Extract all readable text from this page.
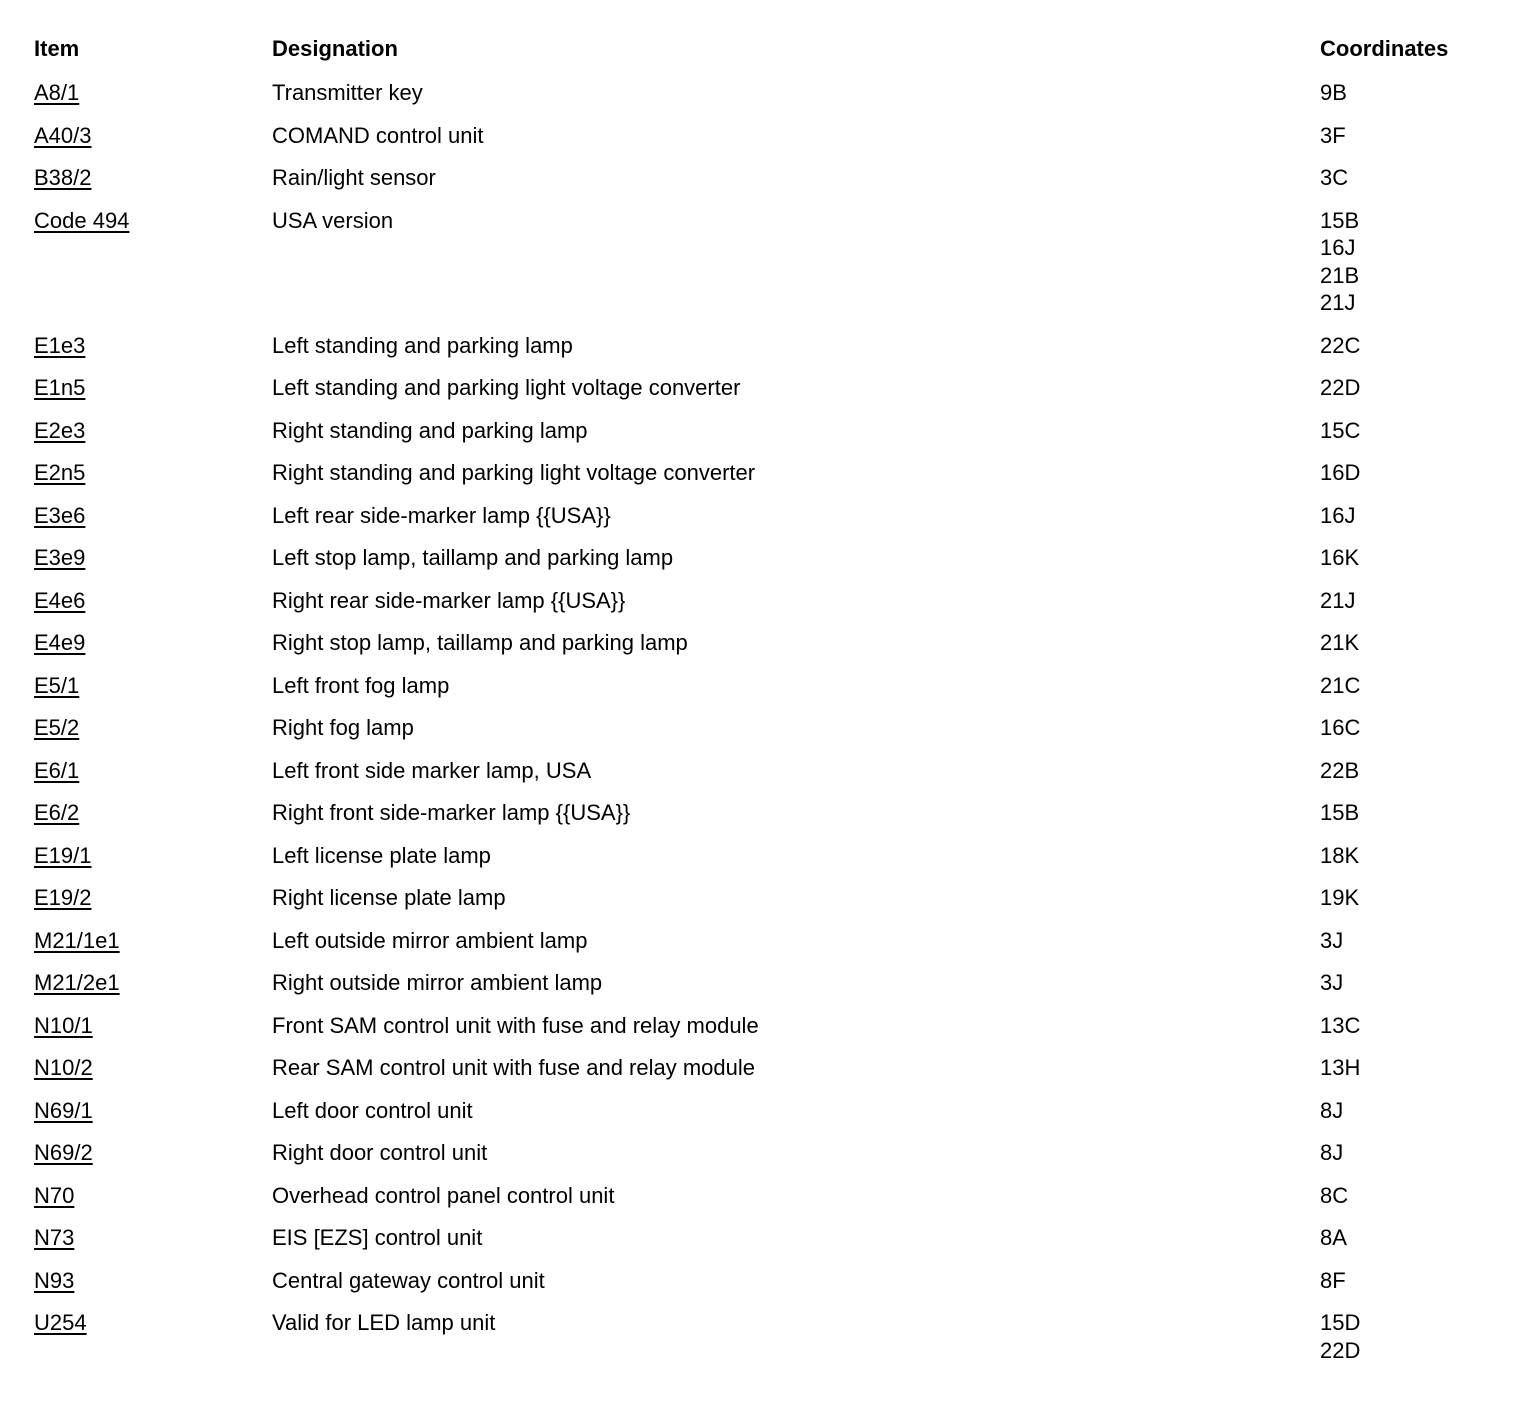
Item	Designation	Coordinates
A8/1	Transmitter key	9B
A40/3	COMAND control unit	3F
B38/2	Rain/light sensor	3C
Code 494	USA version	15B
16J
21B
21J
E1e3	Left standing and parking lamp	22C
E1n5	Left standing and parking light voltage converter	22D
E2e3	Right standing and parking lamp	15C
E2n5	Right standing and parking light voltage converter	16D
E3e6	Left rear side-marker lamp {{USA}}	16J
E3e9	Left stop lamp, taillamp and parking lamp	16K
E4e6	Right rear side-marker lamp {{USA}}	21J
E4e9	Right stop lamp, taillamp and parking lamp	21K
E5/1	Left front fog lamp	21C
E5/2	Right fog lamp	16C
E6/1	Left front side marker lamp, USA	22B
E6/2	Right front side-marker lamp {{USA}}	15B
E19/1	Left license plate lamp	18K
E19/2	Right license plate lamp	19K
M21/1e1	Left outside mirror ambient lamp	3J
M21/2e1	Right outside mirror ambient lamp	3J
N10/1	Front SAM control unit with fuse and relay module	13C
N10/2	Rear SAM control unit with fuse and relay module	13H
N69/1	Left door control unit	8J
N69/2	Right door control unit	8J
N70	Overhead control panel control unit	8C
N73	EIS [EZS] control unit	8A
N93	Central gateway control unit	8F
U254	Valid for LED lamp unit	15D
22D
